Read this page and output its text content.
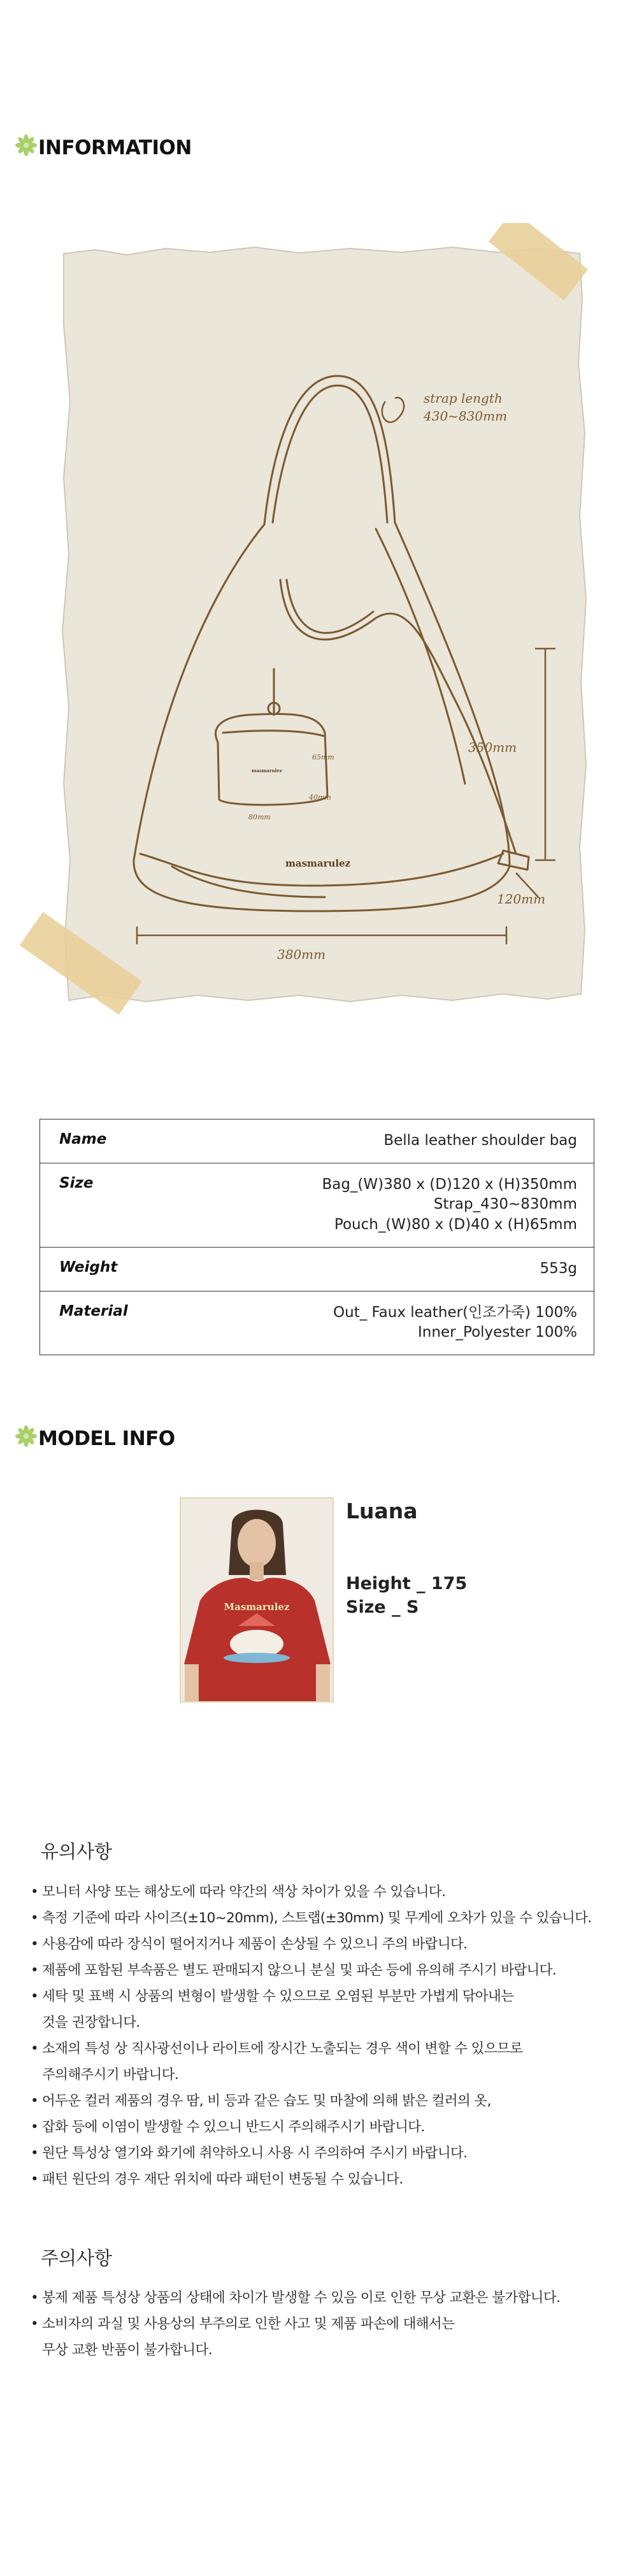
INFORMATION
strap length
430~830mm
350mm
120mm
380mm
65mm
40mm
80mm
masmarulez
masmarulez
Name	Bella leather shoulder bag

Size	Bag_(W)380 x (D)120 x (H)350mm
Strap_430~830mm
Pouch_(W)80 x (D)40 x (H)65mm

Weight	553g

Material	Out_ Faux leather(인조가죽) 100%
Inner_Polyester 100%
MODEL INFO
Masmarulez
Luana
Height _ 175
Size _ S
유의사항
• 모니터 사양 또는 해상도에 따라 약간의 색상 차이가 있을 수 있습니다.
• 측정 기준에 따라 사이즈(±10~20mm), 스트랩(±30mm) 및 무게에 오차가 있을 수 있습니다.
• 사용감에 따라 장식이 떨어지거나 제품이 손상될 수 있으니 주의 바랍니다.
• 제품에 포함된 부속품은 별도 판매되지 않으니 분실 및 파손 등에 유의해 주시기 바랍니다.
• 세탁 및 표백 시 상품의 변형이 발생할 수 있으므로 오염된 부분만 가볍게 닦아내는
것을 권장합니다.
• 소재의 특성 상 직사광선이나 라이트에 장시간 노출되는 경우 색이 변할 수 있으므로
주의해주시기 바랍니다.
• 어두운 컬러 제품의 경우 땀, 비 등과 같은 습도 및 마찰에 의해 밝은 컬러의 옷,
• 잡화 등에 이염이 발생할 수 있으니 반드시 주의해주시기 바랍니다.
• 원단 특성상 열기와 화기에 취약하오니 사용 시 주의하여 주시기 바랍니다.
• 패턴 원단의 경우 재단 위치에 따라 패턴이 변동될 수 있습니다.
주의사항
• 봉제 제품 특성상 상품의 상태에 차이가 발생할 수 있음 이로 인한 무상 교환은 불가합니다.
• 소비자의 과실 및 사용상의 부주의로 인한 사고 및 제품 파손에 대해서는
무상 교환 반품이 불가합니다.
